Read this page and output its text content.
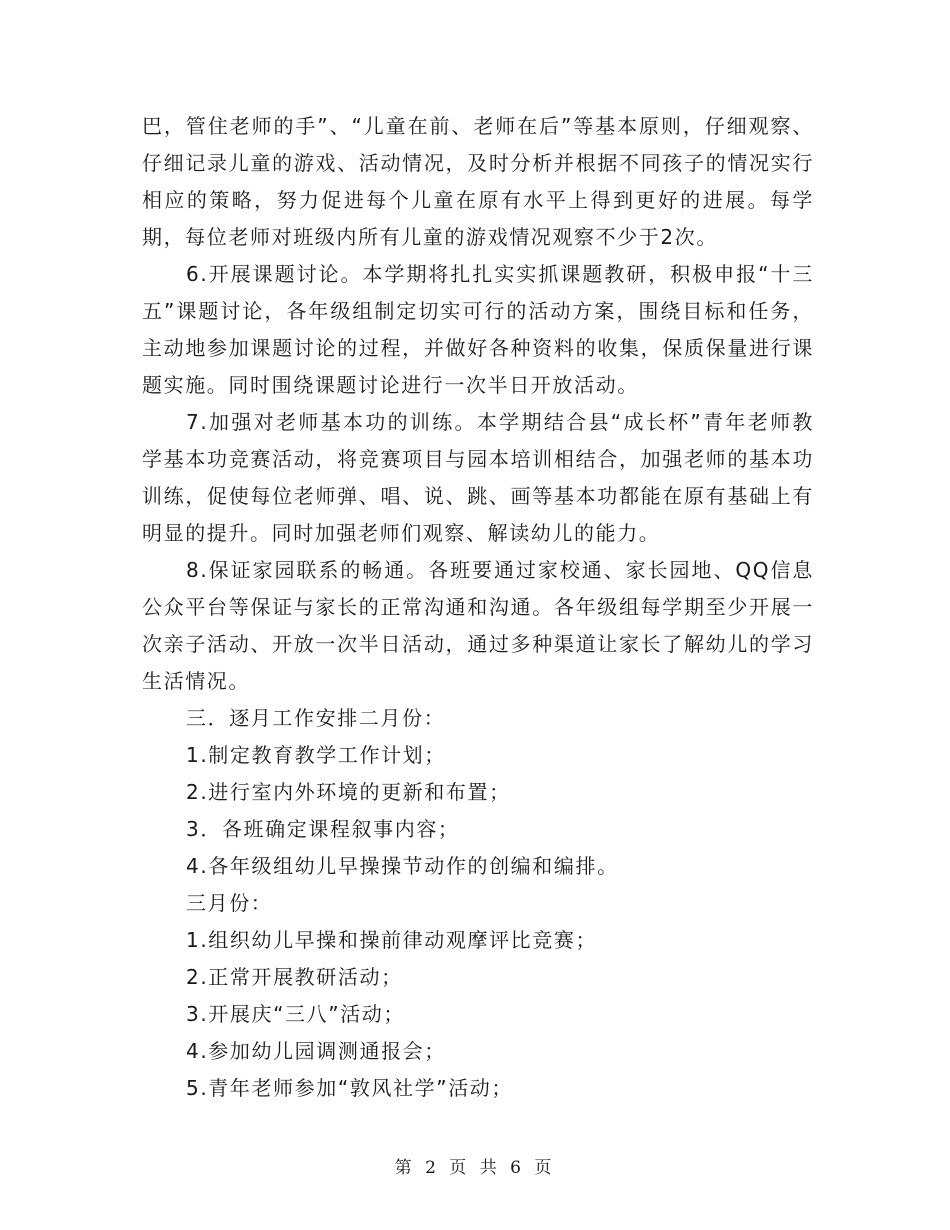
巴，管住老师的手”、“儿童在前、老师在后”等基本原则，仔细观察、仔细记录儿童的游戏、活动情况，及时分析并根据不同孩子的情况实行相应的策略，努力促进每个儿童在原有水平上得到更好的进展。每学期，每位老师对班级内所有儿童的游戏情况观察不少于2次。

6.开展课题讨论。本学期将扎扎实实抓课题教研，积极申报“十三五”课题讨论，各年级组制定切实可行的活动方案，围绕目标和任务，主动地参加课题讨论的过程，并做好各种资料的收集，保质保量进行课题实施。同时围绕课题讨论进行一次半日开放活动。

7.加强对老师基本功的训练。本学期结合县“成长杯”青年老师教学基本功竞赛活动，将竞赛项目与园本培训相结合，加强老师的基本功训练，促使每位老师弹、唱、说、跳、画等基本功都能在原有基础上有明显的提升。同时加强老师们观察、解读幼儿的能力。

8.保证家园联系的畅通。各班要通过家校通、家长园地、QQ信息公众平台等保证与家长的正常沟通和沟通。各年级组每学期至少开展一次亲子活动、开放一次半日活动，通过多种渠道让家长了解幼儿的学习生活情况。

三．逐月工作安排二月份：

1.制定教育教学工作计划；

2.进行室内外环境的更新和布置；

3．各班确定课程叙事内容；

4.各年级组幼儿早操操节动作的创编和编排。

三月份：

1.组织幼儿早操和操前律动观摩评比竞赛；

2.正常开展教研活动；

3.开展庆“三八”活动；

4.参加幼儿园调测通报会；

5.青年老师参加“敦风社学”活动；

第 2 页 共 6 页
